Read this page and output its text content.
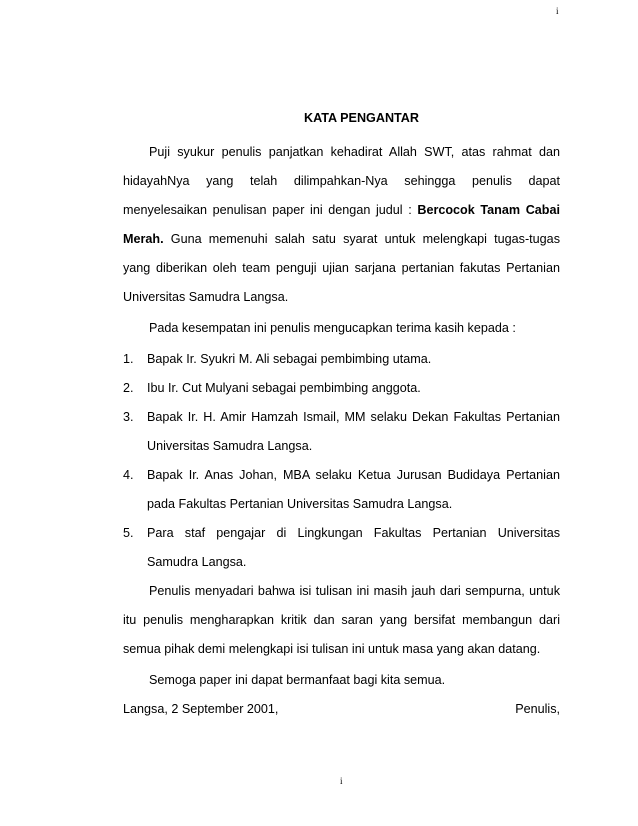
i
KATA PENGANTAR

Puji syukur penulis panjatkan kehadirat Allah SWT, atas rahmat dan hidayahNya yang telah dilimpahkan-Nya sehingga penulis dapat menyelesaikan penulisan paper ini dengan judul : Bercocok Tanam Cabai Merah. Guna memenuhi salah satu syarat untuk melengkapi tugas-tugas yang diberikan oleh team penguji ujian sarjana pertanian fakutas Pertanian Universitas Samudra Langsa.

Pada kesempatan ini penulis mengucapkan terima kasih kepada :

1. Bapak Ir. Syukri M. Ali sebagai pembimbing utama.
2. Ibu Ir. Cut Mulyani sebagai pembimbing anggota.
3. Bapak Ir. H. Amir Hamzah Ismail, MM selaku Dekan Fakultas Pertanian Universitas Samudra Langsa.
4. Bapak Ir. Anas Johan, MBA selaku Ketua Jurusan Budidaya Pertanian pada Fakultas Pertanian Universitas Samudra Langsa.
5. Para staf pengajar di Lingkungan Fakultas Pertanian Universitas Samudra Langsa.

Penulis menyadari bahwa isi tulisan ini masih jauh dari sempurna, untuk itu penulis mengharapkan kritik dan saran yang bersifat membangun dari semua pihak demi melengkapi isi tulisan ini untuk masa yang akan datang.

Semoga paper ini dapat bermanfaat bagi kita semua.

Langsa, 2 September 2001,	Penulis,
i
